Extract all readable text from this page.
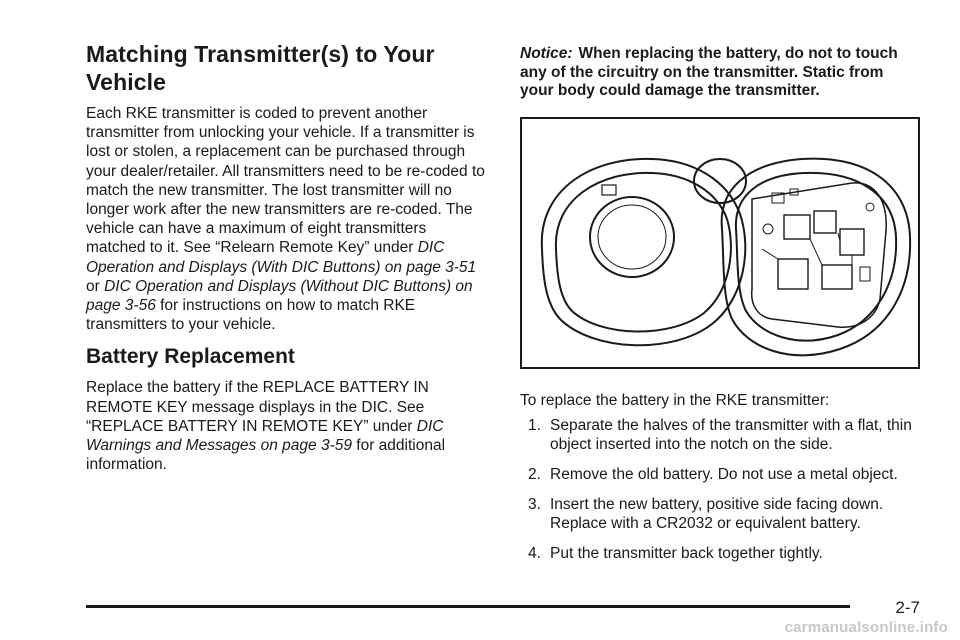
Matching Transmitter(s) to Your Vehicle

Each RKE transmitter is coded to prevent another transmitter from unlocking your vehicle. If a transmitter is lost or stolen, a replacement can be purchased through your dealer/retailer. All transmitters need to be re-coded to match the new transmitter. The lost transmitter will no longer work after the new transmitters are re-coded. The vehicle can have a maximum of eight transmitters matched to it. See “Relearn Remote Key” under DIC Operation and Displays (With DIC Buttons) on page 3-51 or DIC Operation and Displays (Without DIC Buttons) on page 3-56 for instructions on how to match RKE transmitters to your vehicle.

Battery Replacement

Replace the battery if the REPLACE BATTERY IN REMOTE KEY message displays in the DIC. See “REPLACE BATTERY IN REMOTE KEY” under DIC Warnings and Messages on page 3-59 for additional information.

Notice: When replacing the battery, do not to touch any of the circuitry on the transmitter. Static from your body could damage the transmitter.

To replace the battery in the RKE transmitter:

1. Separate the halves of the transmitter with a flat, thin object inserted into the notch on the side.
2. Remove the old battery. Do not use a metal object.
3. Insert the new battery, positive side facing down. Replace with a CR2032 or equivalent battery.
4. Put the transmitter back together tightly.
2-7
carmanualsonline.info
